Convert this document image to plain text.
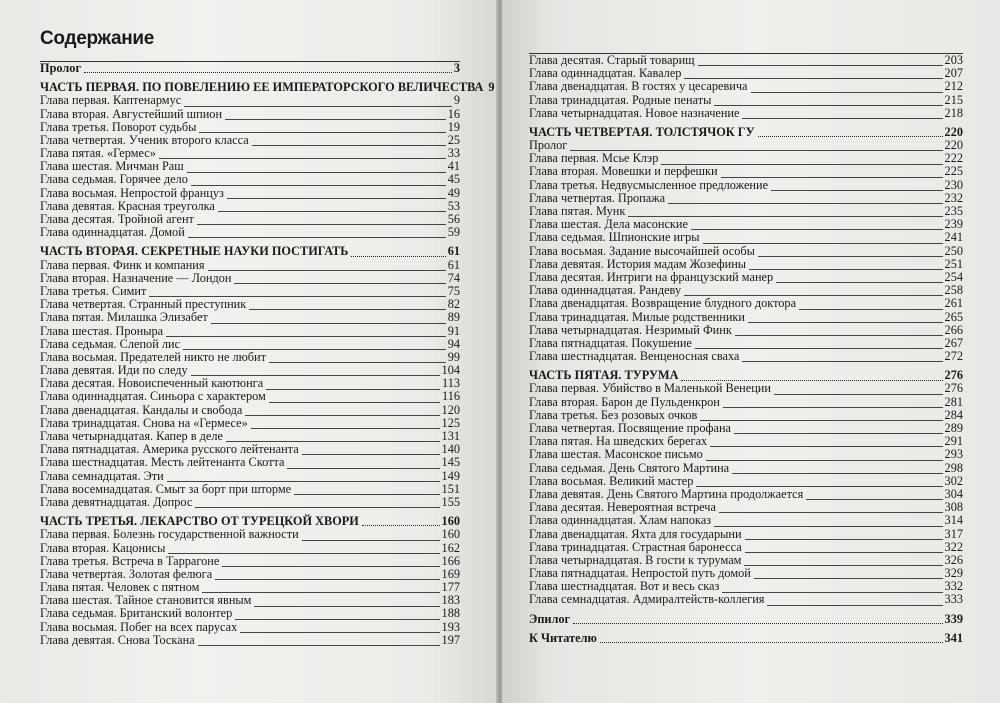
Содержание
Пролог	3
ЧАСТЬ ПЕРВАЯ. ПО ПОВЕЛЕНИЮ ЕЕ ИМПЕРАТОРСКОГО ВЕЛИЧЕСТВА 9
Глава первая. Каптенармус	9
Глава вторая. Августейший шпион	16
Глава третья. Поворот судьбы	19
Глава четвертая. Ученик второго класса	25
Глава пятая. «Гермес»	33
Глава шестая. Мичман Раш	41
Глава седьмая. Горячее дело	45
Глава восьмая. Непростой француз	49
Глава девятая. Красная треуголка	53
Глава десятая. Тройной агент	56
Глава одиннадцатая. Домой	59
ЧАСТЬ ВТОРАЯ. СЕКРЕТНЫЕ НАУКИ ПОСТИГАТЬ	61
Глава первая. Финк и компания	61
Глава вторая. Назначение — Лондон	74
Глава третья. Симит	75
Глава четвертая. Странный преступник	82
Глава пятая. Милашка Элизабет	89
Глава шестая. Проныра	91
Глава седьмая. Слепой лис	94
Глава восьмая. Предателей никто не любит	99
Глава девятая. Иди по следу	104
Глава десятая. Новоиспеченный каютюнга	113
Глава одиннадцатая. Синьора с характером	116
Глава двенадцатая. Кандалы и свобода	120
Глава тринадцатая. Снова на «Гермесе»	125
Глава четырнадцатая. Капер в деле	131
Глава пятнадцатая. Америка русского лейтенанта	140
Глава шестнадцатая. Месть лейтенанта Скотта	145
Глава семнадцатая. Эти	149
Глава восемнадцатая. Смыт за борт при шторме	151
Глава девятнадцатая. Допрос	155
ЧАСТЬ ТРЕТЬЯ. ЛЕКАРСТВО ОТ ТУРЕЦКОЙ ХВОРИ	160
Глава первая. Болезнь государственной важности	160
Глава вторая. Кацонисы	162
Глава третья. Встреча в Таррагоне	166
Глава четвертая. Золотая фелюга	169
Глава пятая. Человек с пятном	177
Глава шестая. Тайное становится явным	183
Глава седьмая. Британский волонтер	188
Глава восьмая. Побег на всех парусах	193
Глава девятая. Снова Тоскана	197
Глава десятая. Старый товарищ	203
Глава одиннадцатая. Кавалер	207
Глава двенадцатая. В гостях у цесаревича	212
Глава тринадцатая. Родные пенаты	215
Глава четырнадцатая. Новое назначение	218
ЧАСТЬ ЧЕТВЕРТАЯ. ТОЛСТЯЧОК ГУ	220
Пролог	220
Глава первая. Мсье Клэр	222
Глава вторая. Мовешки и перфешки	225
Глава третья. Недвусмысленное предложение	230
Глава четвертая. Пропажа	232
Глава пятая. Мунк	235
Глава шестая. Дела масонские	239
Глава седьмая. Шпионские игры	241
Глава восьмая. Задание высочайшей особы	250
Глава девятая. История мадам Жозефины	251
Глава десятая. Интриги на французский манер	254
Глава одиннадцатая. Рандеву	258
Глава двенадцатая. Возвращение блудного доктора	261
Глава тринадцатая. Милые родственники	265
Глава четырнадцатая. Незримый Финк	266
Глава пятнадцатая. Покушение	267
Глава шестнадцатая. Венценосная сваха	272
ЧАСТЬ ПЯТАЯ. ТУРУМА	276
Глава первая. Убийство в Маленькой Венеции	276
Глава вторая. Барон де Пульденкрон	281
Глава третья. Без розовых очков	284
Глава четвертая. Посвящение профана	289
Глава пятая. На шведских берегах	291
Глава шестая. Масонское письмо	293
Глава седьмая. День Святого Мартина	298
Глава восьмая. Великий мастер	302
Глава девятая. День Святого Мартина продолжается	304
Глава десятая. Невероятная встреча	308
Глава одиннадцатая. Хлам напоказ	314
Глава двенадцатая. Яхта для государыни	317
Глава тринадцатая. Страстная баронесса	322
Глава четырнадцатая. В гости к турумам	326
Глава пятнадцатая. Непростой путь домой	329
Глава шестнадцатая. Вот и весь сказ	332
Глава семнадцатая. Адмиралтейств-коллегия	333
Эпилог	339
К Читателю	341
